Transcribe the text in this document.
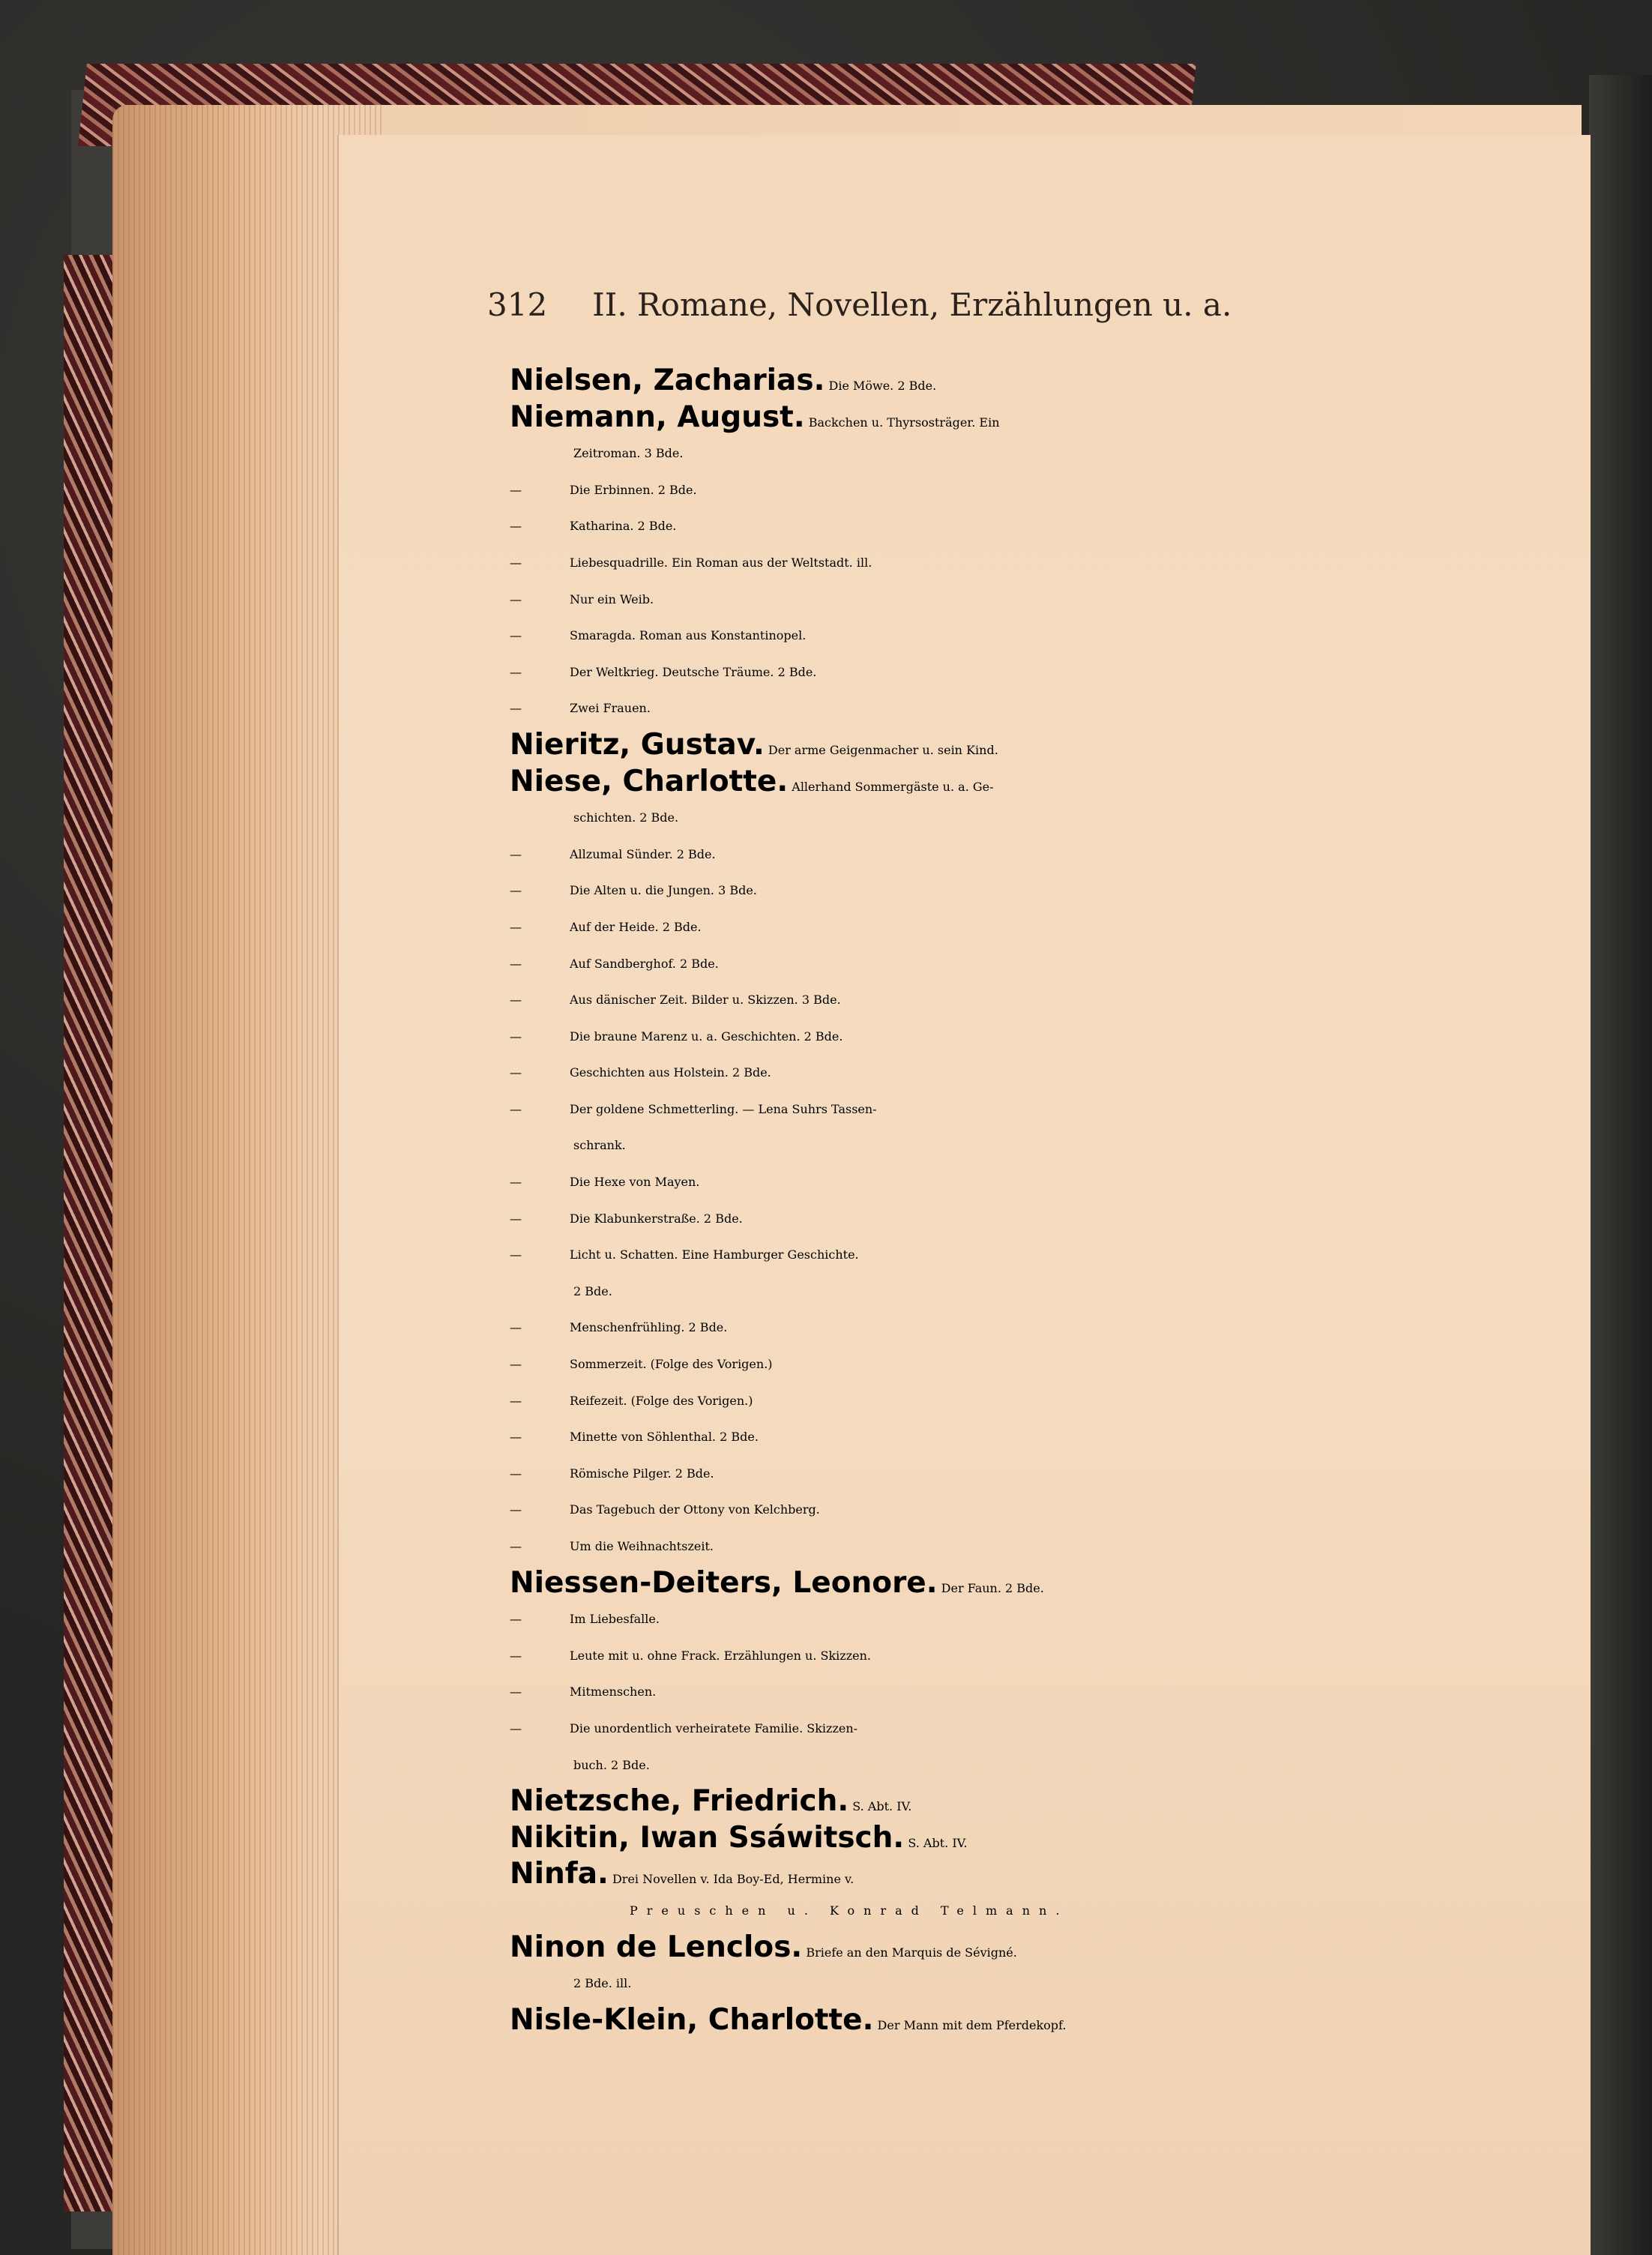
312 II. Romane, Novellen, Erzählungen u. a.
Nielsen, Zacharias. Die Möwe. 2 Bde.
Niemann, August. Backchen u. Thyrsosträger. Ein
Zeitroman. 3 Bde.
—	Die Erbinnen. 2 Bde.
—	Katharina. 2 Bde.
—	Liebesquadrille. Ein Roman aus der Weltstadt. ill.
—	Nur ein Weib.
—	Smaragda. Roman aus Konstantinopel.
—	Der Weltkrieg. Deutsche Träume. 2 Bde.
—	Zwei Frauen.
Nieritz, Gustav. Der arme Geigenmacher u. sein Kind.
Niese, Charlotte. Allerhand Sommergäste u. a. Ge-
schichten. 2 Bde.
—	Allzumal Sünder. 2 Bde.
—	Die Alten u. die Jungen. 3 Bde.
—	Auf der Heide. 2 Bde.
—	Auf Sandberghof. 2 Bde.
—	Aus dänischer Zeit. Bilder u. Skizzen. 3 Bde.
—	Die braune Marenz u. a. Geschichten. 2 Bde.
—	Geschichten aus Holstein. 2 Bde.
—	Der goldene Schmetterling. — Lena Suhrs Tassen-
schrank.
—	Die Hexe von Mayen.
—	Die Klabunkerstraße. 2 Bde.
—	Licht u. Schatten. Eine Hamburger Geschichte.
2 Bde.
—	Menschenfrühling. 2 Bde.
—	Sommerzeit. (Folge des Vorigen.)
—	Reifezeit. (Folge des Vorigen.)
—	Minette von Söhlenthal. 2 Bde.
—	Römische Pilger. 2 Bde.
—	Das Tagebuch der Ottony von Kelchberg.
—	Um die Weihnachtszeit.
Niessen-Deiters, Leonore. Der Faun. 2 Bde.
—	Im Liebesfalle.
—	Leute mit u. ohne Frack. Erzählungen u. Skizzen.
—	Mitmenschen.
—	Die unordentlich verheiratete Familie. Skizzen-
buch. 2 Bde.
Nietzsche, Friedrich. S. Abt. IV.
Nikitin, Iwan Ssáwitsch. S. Abt. IV.
Ninfa. Drei Novellen v. Ida Boy-Ed, Hermine v.
Preuschen u. Konrad Telmann.
Ninon de Lenclos. Briefe an den Marquis de Sévigné.
2 Bde. ill.
Nisle-Klein, Charlotte. Der Mann mit dem Pferdekopf.
